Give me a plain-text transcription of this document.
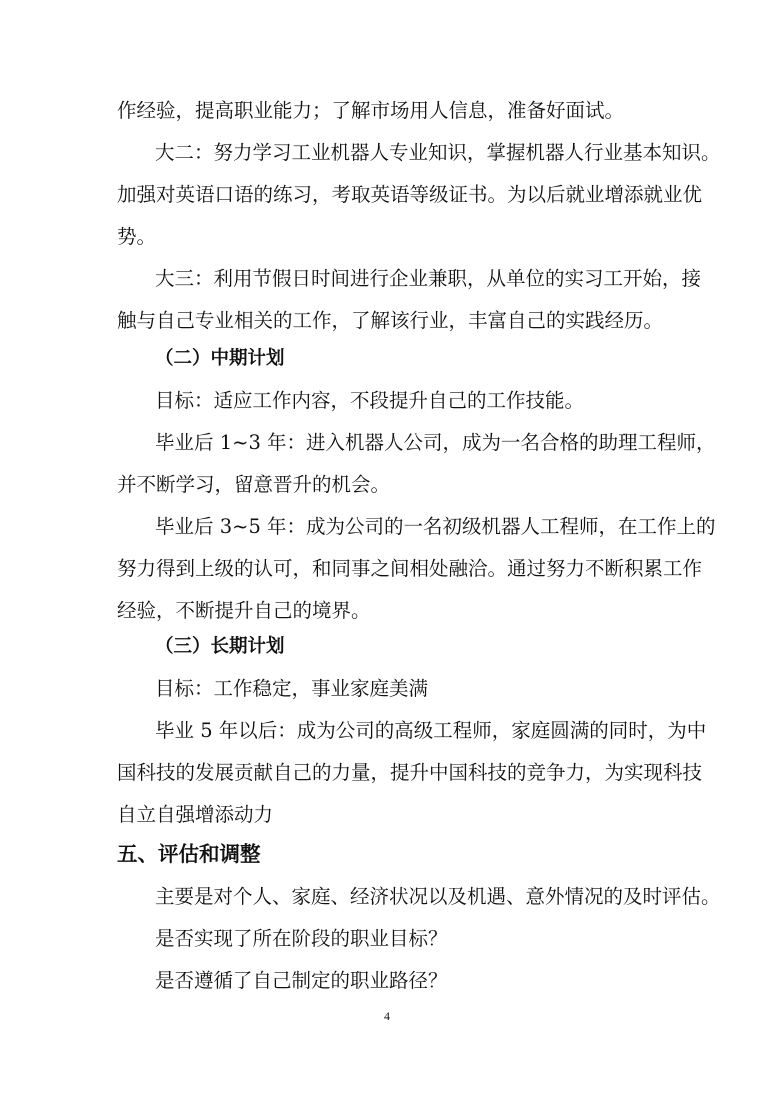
作经验，提高职业能力；了解市场用人信息，准备好面试。
大二：努力学习工业机器人专业知识，掌握机器人行业基本知识。
加强对英语口语的练习，考取英语等级证书。为以后就业增添就业优
势。
大三：利用节假日时间进行企业兼职，从单位的实习工开始，接
触与自己专业相关的工作，了解该行业，丰富自己的实践经历。
（二）中期计划
目标：适应工作内容，不段提升自己的工作技能。
毕业后 1~3 年：进入机器人公司，成为一名合格的助理工程师，
并不断学习，留意晋升的机会。
毕业后 3~5 年：成为公司的一名初级机器人工程师，在工作上的
努力得到上级的认可，和同事之间相处融洽。通过努力不断积累工作
经验，不断提升自己的境界。
（三）长期计划
目标：工作稳定，事业家庭美满
毕业 5 年以后：成为公司的高级工程师，家庭圆满的同时，为中
国科技的发展贡献自己的力量，提升中国科技的竞争力，为实现科技
自立自强增添动力
五、评估和调整
主要是对个人、家庭、经济状况以及机遇、意外情况的及时评估。
是否实现了所在阶段的职业目标？
是否遵循了自己制定的职业路径？
4
